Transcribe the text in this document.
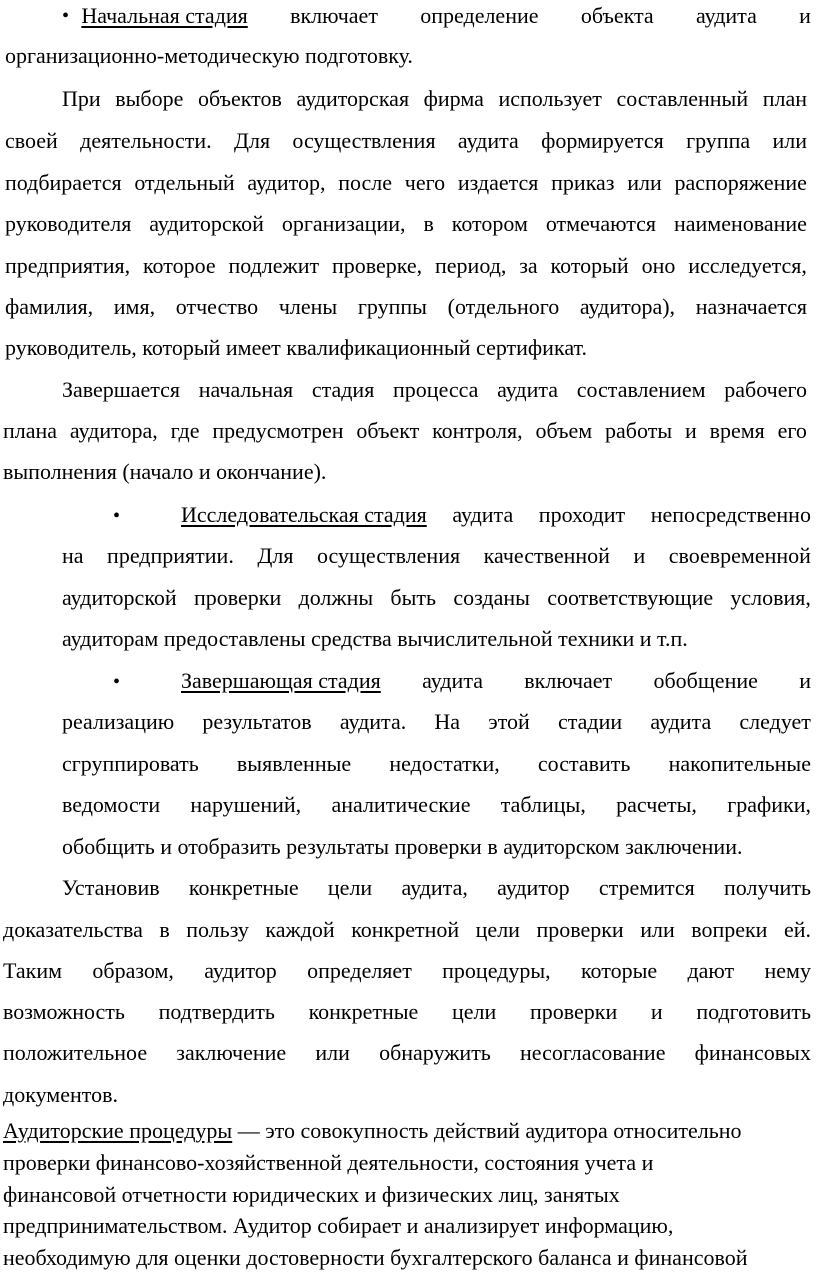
• Начальная стадия включает определение объекта аудита и
организационно-методическую подготовку.
При выборе объектов аудиторская фирма использует составленный план
своей деятельности. Для осуществления аудита формируется группа или
подбирается отдельный аудитор, после чего издается приказ или распоряжение
руководителя аудиторской организации, в котором отмечаются наименование
предприятия, которое подлежит проверке, период, за который оно исследуется,
фамилия, имя, отчество члены группы (отдельного аудитора), назначается
руководитель, который имеет квалификационный сертификат.
Завершается начальная стадия процесса аудита составлением рабочего
плана аудитора, где предусмотрен объект контроля, объем работы и время его
выполнения (начало и окончание).
•	Исследовательская стадия аудита проходит непосредственно
на предприятии. Для осуществления качественной и своевременной
аудиторской проверки должны быть созданы соответствующие условия,
аудиторам предоставлены средства вычислительной техники и т.п.
•	Завершающая стадия аудита включает обобщение и
реализацию результатов аудита. На этой стадии аудита следует
сгруппировать выявленные недостатки, составить накопительные
ведомости нарушений, аналитические таблицы, расчеты, графики,
обобщить и отобразить результаты проверки в аудиторском заключении.
Установив конкретные цели аудита, аудитор стремится получить
доказательства в пользу каждой конкретной цели проверки или вопреки ей.
Таким образом, аудитор определяет процедуры, которые дают нему
возможность подтвердить конкретные цели проверки и подготовить
положительное заключение или обнаружить несогласование финансовых
документов.
Аудиторские процедуры — это совокупность действий аудитора относительно
проверки финансово-хозяйственной деятельности, состояния учета и
финансовой отчетности юридических и физических лиц, занятых
предпринимательством. Аудитор собирает и анализирует информацию,
необходимую для оценки достоверности бухгалтерского баланса и финансовой
